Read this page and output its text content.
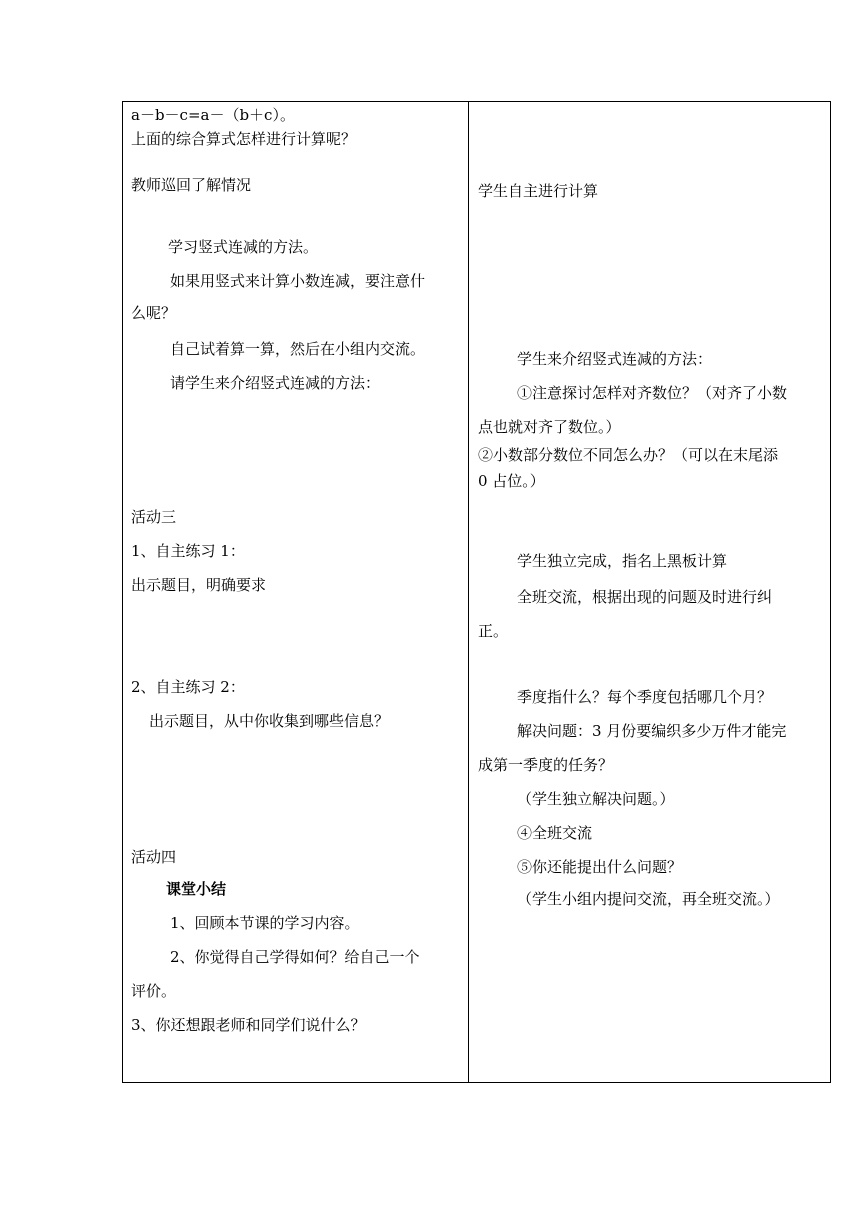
a－b－c=a－（b＋c）。
上面的综合算式怎样进行计算呢？
教师巡回了解情况
学习竖式连减的方法。
如果用竖式来计算小数连减，要注意什
么呢？
自己试着算一算，然后在小组内交流。
请学生来介绍竖式连减的方法：
活动三
1、自主练习 1：
出示题目，明确要求
2、自主练习 2：
出示题目，从中你收集到哪些信息？
活动四
课堂小结
1、回顾本节课的学习内容。
2、你觉得自己学得如何？给自己一个
评价。
3、你还想跟老师和同学们说什么？
学生自主进行计算
学生来介绍竖式连减的方法：
①注意探讨怎样对齐数位？（对齐了小数
点也就对齐了数位。）
②小数部分数位不同怎么办？（可以在末尾添
0 占位。）
学生独立完成，指名上黑板计算
全班交流，根据出现的问题及时进行纠
正。
季度指什么？每个季度包括哪几个月？
解决问题：3 月份要编织多少万件才能完
成第一季度的任务？
（学生独立解决问题。）
④全班交流
⑤你还能提出什么问题？
（学生小组内提问交流，再全班交流。）
